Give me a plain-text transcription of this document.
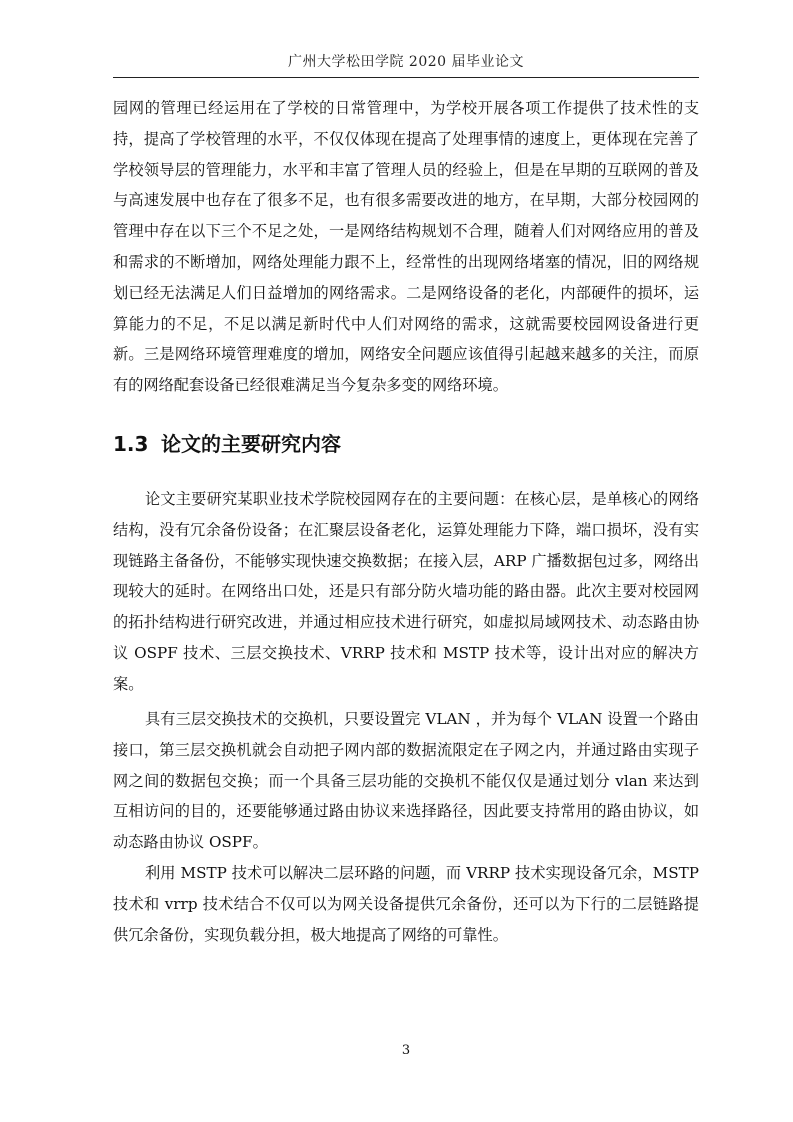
广州大学松田学院 2020 届毕业论文

园网的管理已经运用在了学校的日常管理中，为学校开展各项工作提供了技术性的支持，提高了学校管理的水平，不仅仅体现在提高了处理事情的速度上，更体现在完善了学校领导层的管理能力，水平和丰富了管理人员的经验上，但是在早期的互联网的普及与高速发展中也存在了很多不足，也有很多需要改进的地方，在早期，大部分校园网的管理中存在以下三个不足之处，一是网络结构规划不合理，随着人们对网络应用的普及和需求的不断增加，网络处理能力跟不上，经常性的出现网络堵塞的情况，旧的网络规划已经无法满足人们日益增加的网络需求。二是网络设备的老化，内部硬件的损坏，运算能力的不足，不足以满足新时代中人们对网络的需求，这就需要校园网设备进行更新。三是网络环境管理难度的增加，网络安全问题应该值得引起越来越多的关注，而原有的网络配套设备已经很难满足当今复杂多变的网络环境。

1.3 论文的主要研究内容

论文主要研究某职业技术学院校园网存在的主要问题：在核心层，是单核心的网络结构，没有冗余备份设备；在汇聚层设备老化，运算处理能力下降，端口损坏，没有实现链路主备备份，不能够实现快速交换数据；在接入层，ARP 广播数据包过多，网络出现较大的延时。在网络出口处，还是只有部分防火墙功能的路由器。此次主要对校园网的拓扑结构进行研究改进，并通过相应技术进行研究，如虚拟局域网技术、动态路由协议 OSPF 技术、三层交换技术、VRRP 技术和 MSTP 技术等，设计出对应的解决方案。

具有三层交换技术的交换机，只要设置完 VLAN ，并为每个 VLAN 设置一个路由接口，第三层交换机就会自动把子网内部的数据流限定在子网之内，并通过路由实现子网之间的数据包交换；而一个具备三层功能的交换机不能仅仅是通过划分 vlan 来达到互相访问的目的，还要能够通过路由协议来选择路径，因此要支持常用的路由协议，如动态路由协议 OSPF。

利用 MSTP 技术可以解决二层环路的问题，而 VRRP 技术实现设备冗余，MSTP 技术和 vrrp 技术结合不仅可以为网关设备提供冗余备份，还可以为下行的二层链路提供冗余备份，实现负载分担，极大地提高了网络的可靠性。

3
